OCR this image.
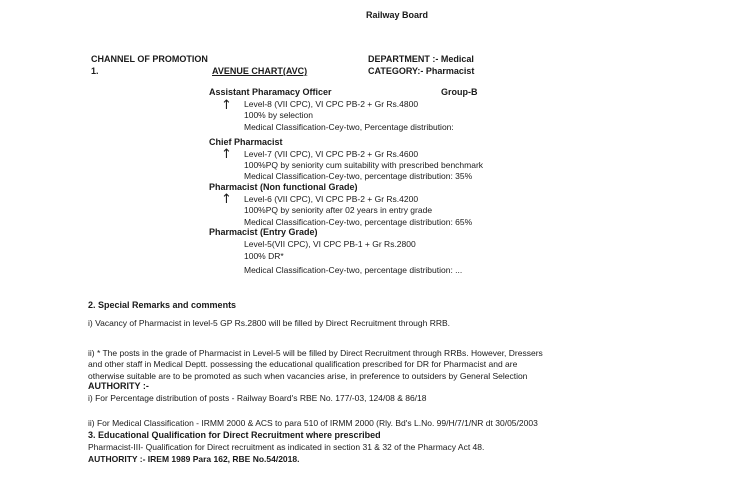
Railway Board
CHANNEL OF PROMOTION
1.	AVENUE CHART(AVC)
DEPARTMENT :- Medical
CATEGORY:- Pharmacist
Assistant Pharamacy Officer	Group-B
↑ Level-8 (VII CPC), VI CPC PB-2 + Gr Rs.4800
100% by selection
Medical Classification-Cey-two, Percentage distribution:
Chief Pharmacist
↑ Level-7 (VII CPC), VI CPC PB-2 + Gr Rs.4600
100%PQ by seniority cum suitability with prescribed benchmark
Medical Classification-Cey-two, percentage distribution: 35%
Pharmacist (Non functional Grade)
↑ Level-6 (VII CPC), VI CPC PB-2 + Gr Rs.4200
100%PQ by seniority after 02 years in entry grade
Medical Classification-Cey-two, percentage distribution: 65%
Pharmacist (Entry Grade)
Level-5(VII CPC), VI CPC PB-1 + Gr Rs.2800
100% DR*
Medical Classification-Cey-two, percentage distribution: ...
2. Special Remarks and comments
i) Vacancy of Pharmacist in level-5 GP Rs.2800 will be filled by Direct Recruitment through RRB.
ii) * The posts in the grade of Pharmacist in Level-5 will be filled by Direct Recruitment through RRBs. However, Dressers
and other staff in Medical Deptt. possessing the educational qualification prescribed for DR for Pharmacist and are
otherwise suitable are to be promoted as such when vacancies arise, in preference to outsiders by General Selection
AUTHORITY :-
i) For Percentage distribution of posts - Railway Board's RBE No. 177/-03, 124/08 & 86/18
ii) For Medical Classification - IRMM 2000 & ACS to para 510 of IRMM 2000 (Rly. Bd's L.No. 99/H/7/1/NR dt 30/05/2003
3. Educational Qualification for Direct Recruitment where prescribed
Pharmacist-III- Qualification for Direct recruitment as indicated in section 31 & 32 of the Pharmacy Act 48.
AUTHORITY :- IREM 1989 Para 162, RBE No.54/2018.
